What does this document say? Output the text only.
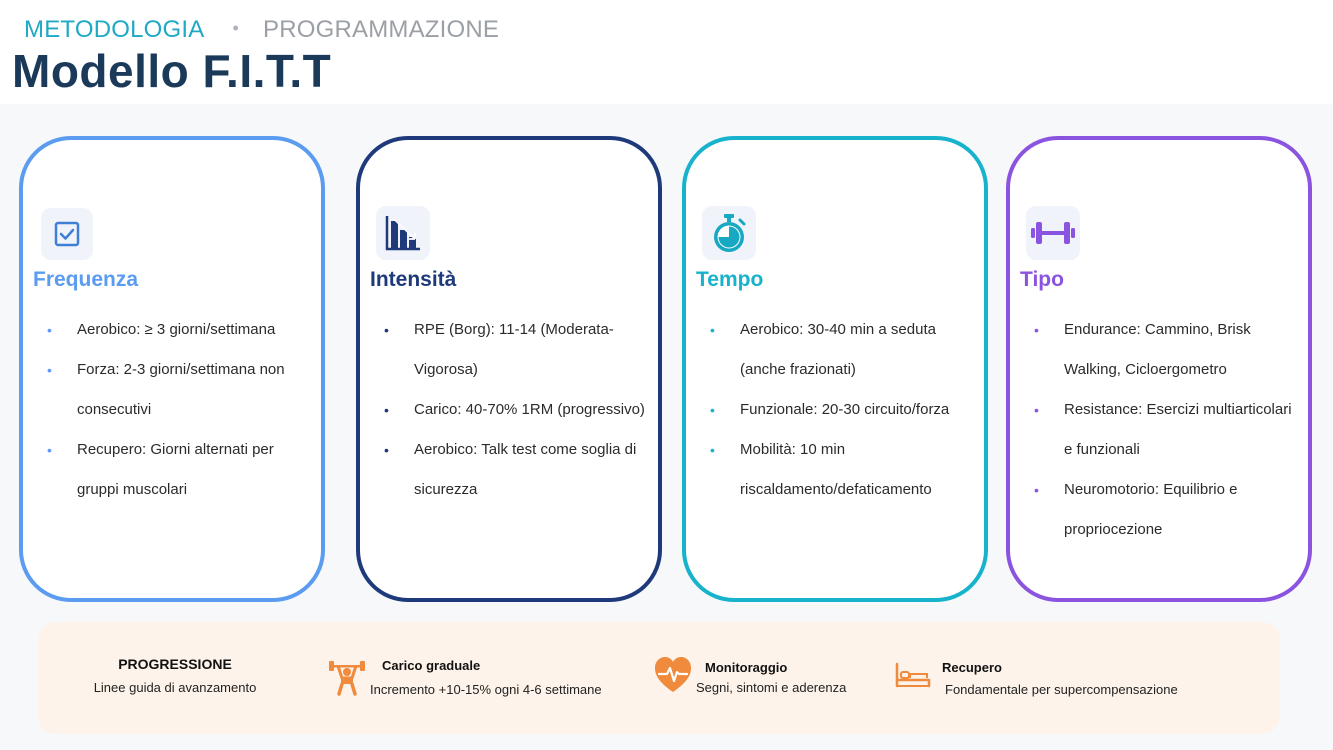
METODOLOGIA • PROGRAMMAZIONE
Modello F.I.T.T
Frequenza
• Aerobico: ≥ 3 giorni/settimana
• Forza: 2-3 giorni/settimana non consecutivi
• Recupero: Giorni alternati per gruppi muscolari
Intensità
• RPE (Borg): 11-14 (Moderata-Vigorosa)
• Carico: 40-70% 1RM (progressivo)
• Aerobico: Talk test come soglia di sicurezza
Tempo
• Aerobico: 30-40 min a seduta (anche frazionati)
• Funzionale: 20-30 circuito/forza
• Mobilità: 10 min riscaldamento/defaticamento
Tipo
• Endurance: Cammino, Brisk Walking, Cicloergometro
• Resistance: Esercizi multiarticolari e funzionali
• Neuromotorio: Equilibrio e propriocezione
PROGRESSIONE
Linee guida di avanzamento
Carico graduale
Incremento +10-15% ogni 4-6 settimane
Monitoraggio
Segni, sintomi e aderenza
Recupero
Fondamentale per supercompensazione
